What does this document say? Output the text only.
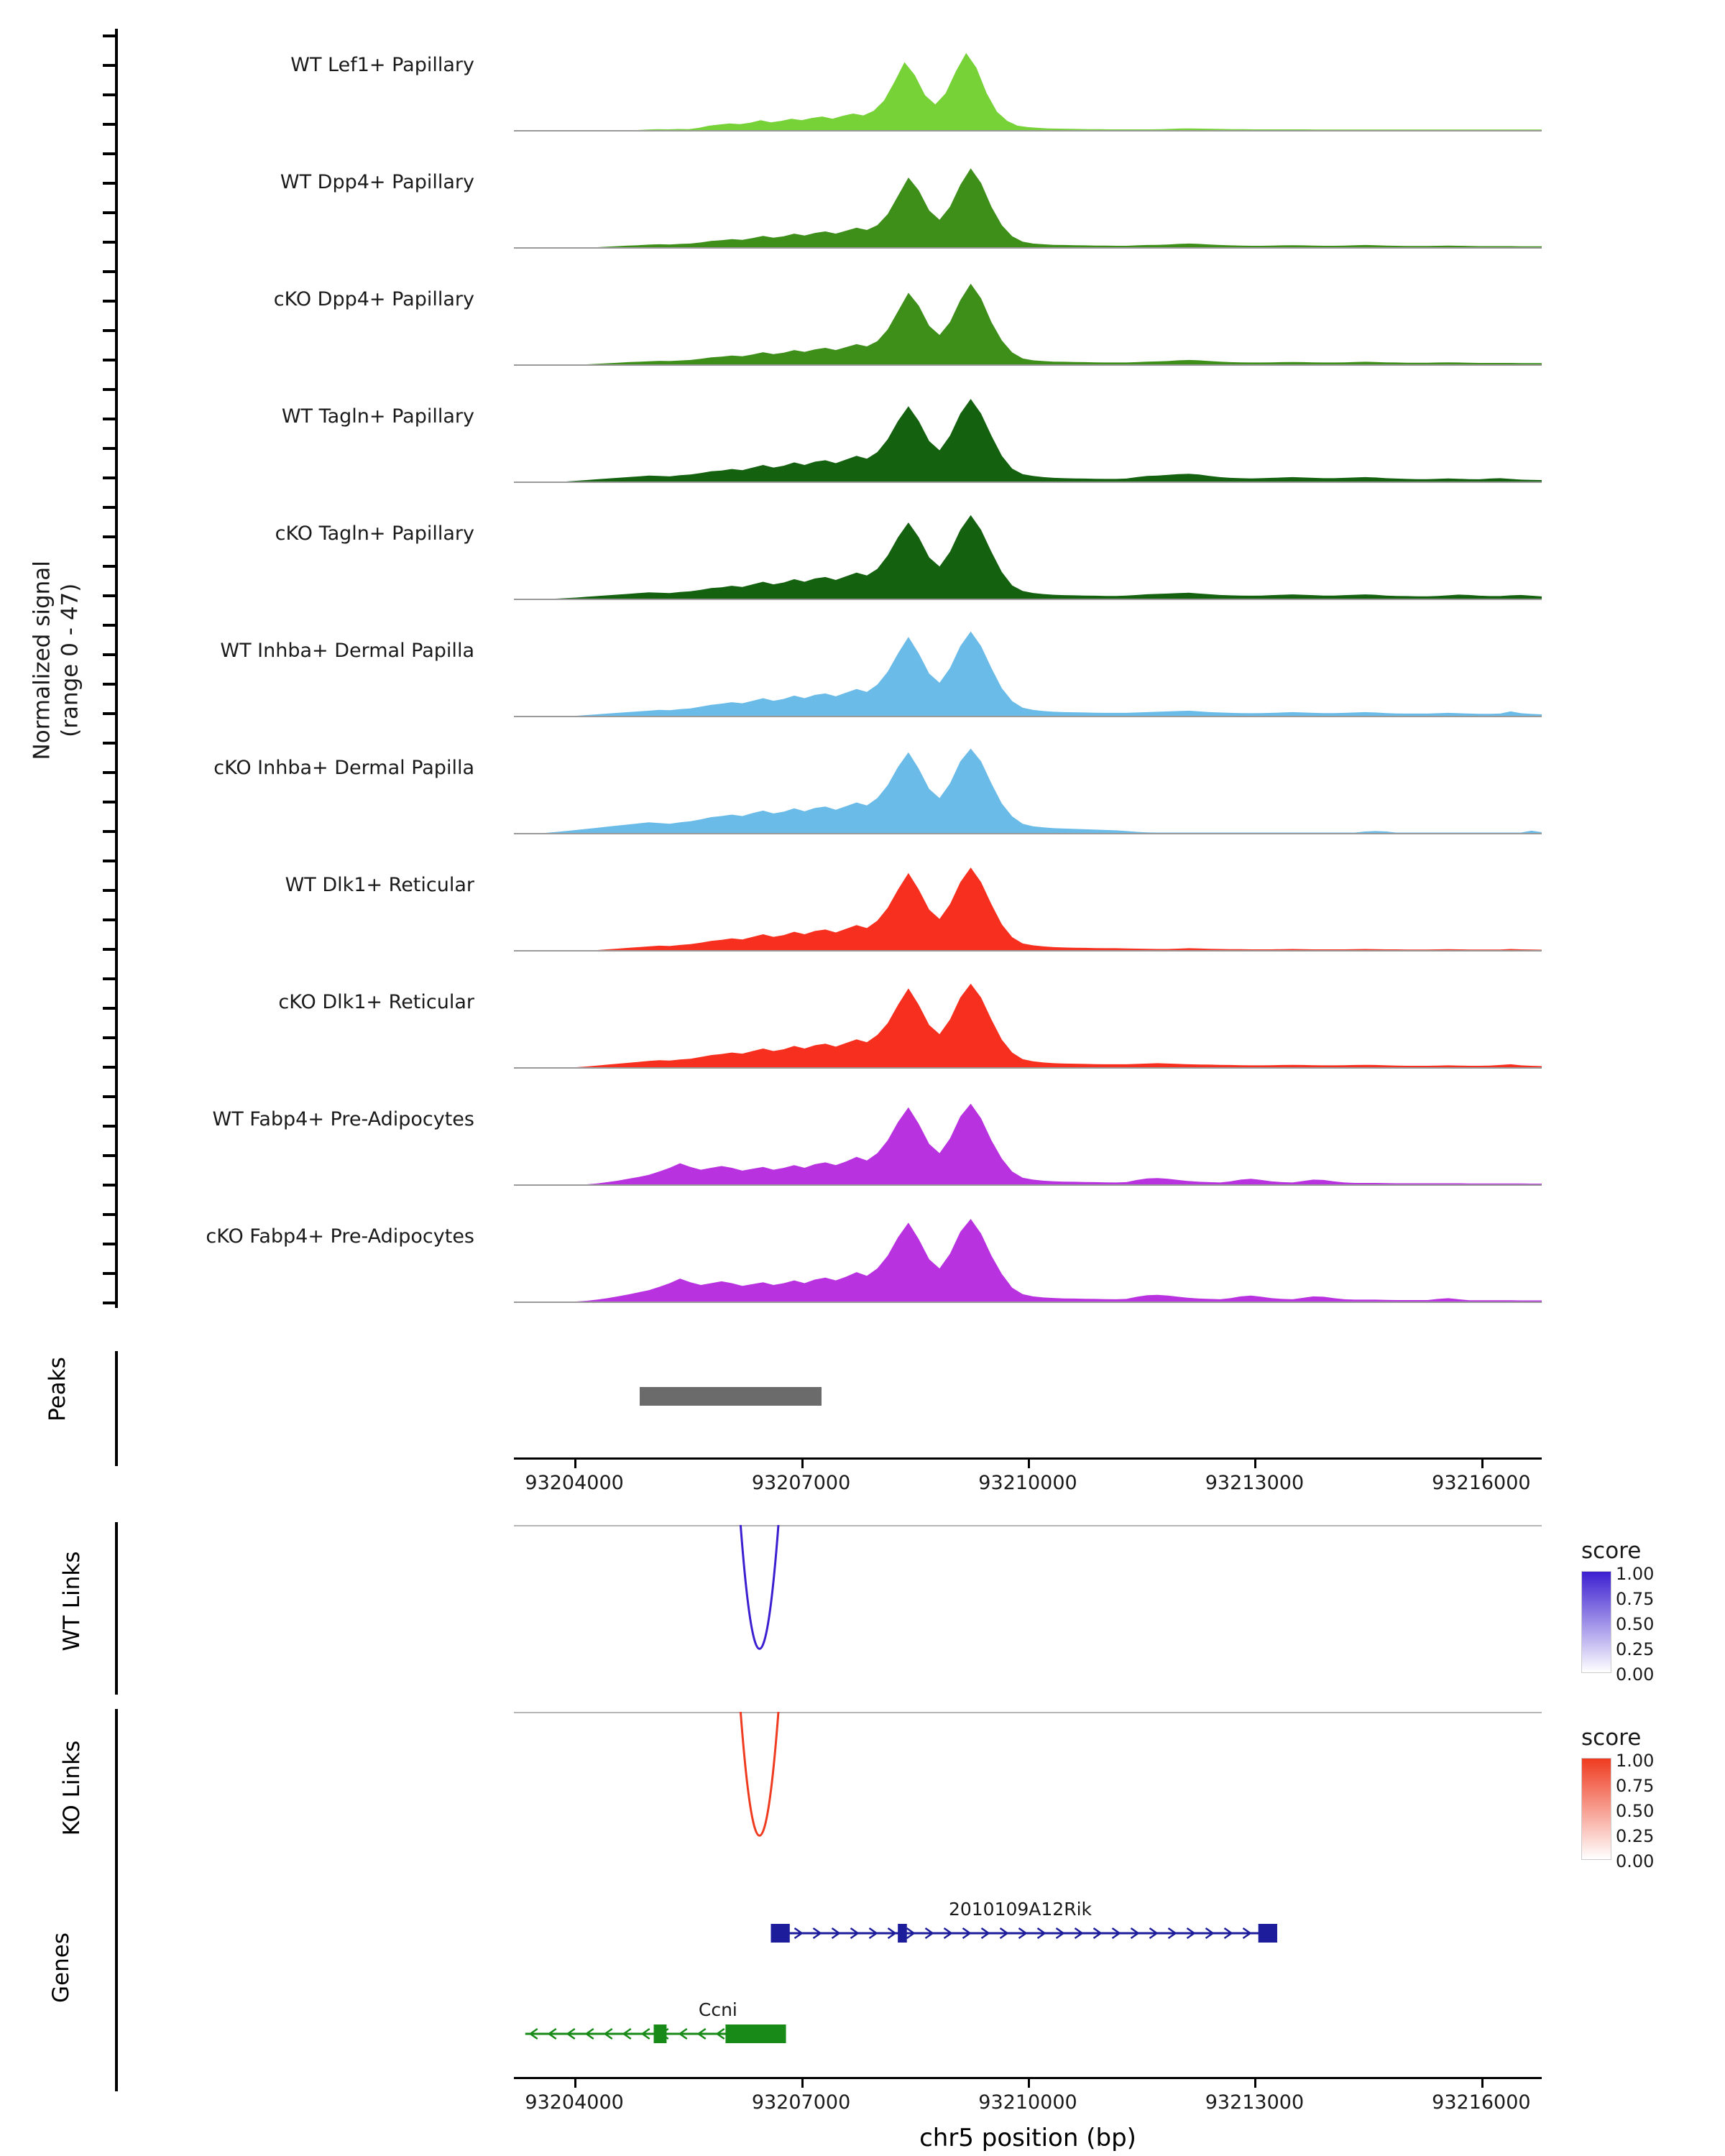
Normalized signal
(range 0 - 47)
WT Lef1+ Papillary
WT Dpp4+ Papillary
cKO Dpp4+ Papillary
WT Tagln+ Papillary
cKO Tagln+ Papillary
WT Inhba+ Dermal Papilla
cKO Inhba+ Dermal Papilla
WT Dlk1+ Reticular
cKO Dlk1+ Reticular
WT Fabp4+ Pre-Adipocytes
cKO Fabp4+ Pre-Adipocytes
Peaks
93204000	93207000	93210000	93213000	93216000
WT Links
score
1.00
0.75
0.50
0.25
0.00
KO Links
score
1.00
0.75
0.50
0.25
0.00
Genes
93204000	93207000	93210000	93213000	93216000
chr5 position (bp)
2010109A12Rik
Ccni
